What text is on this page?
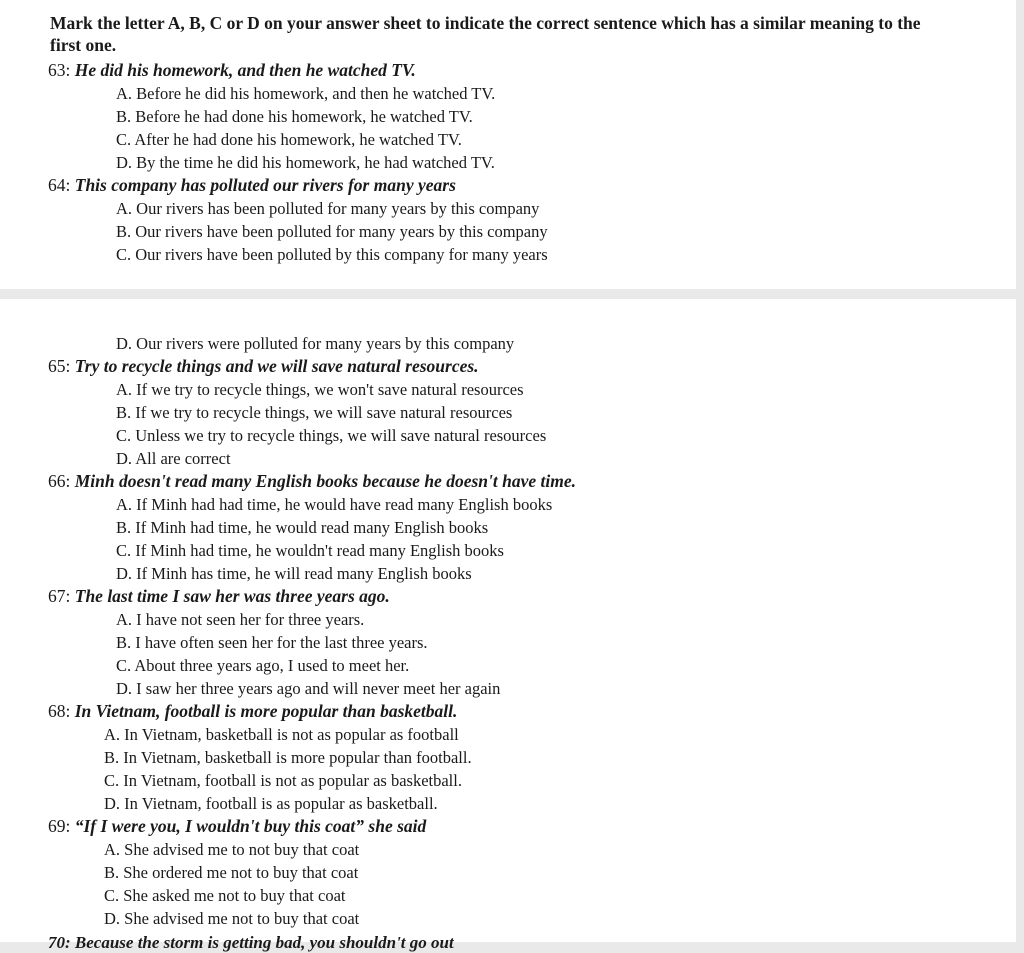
Mark the letter A, B, C or D on your answer sheet to indicate the correct sentence which has a similar meaning to the first one.
63: He did his homework, and then he watched TV.
A. Before he did his homework, and then he watched TV.
B. Before he had done his homework, he watched TV.
C. After he had done his homework, he watched TV.
D. By the time he did his homework, he had watched TV.
64: This company has polluted our rivers for many years
A. Our rivers has been polluted for many years by this company
B. Our rivers have been polluted for many years by this company
C. Our rivers have been polluted by this company for many years
D. Our rivers were polluted for many years by this company
65: Try to recycle things and we will save natural resources.
A. If we try to recycle things, we won't save natural resources
B. If we try to recycle things, we will save natural resources
C. Unless we try to recycle things, we will save natural resources
D. All are correct
66: Minh doesn't read many English books because he doesn't have time.
A. If Minh had had time, he would have read many English books
B. If Minh had time, he would read many English books
C. If Minh had time, he wouldn't read many English books
D. If Minh has time, he will read many English books
67: The last time I saw her was three years ago.
A. I have not seen her for three years.
B. I have often seen her for the last three years.
C. About three years ago, I used to meet her.
D. I saw her three years ago and will never meet her again
68: In Vietnam, football is more popular than basketball.
A. In Vietnam, basketball is not as popular as football
B. In Vietnam, basketball is more popular than football.
C. In Vietnam, football is not as popular as basketball.
D. In Vietnam, football is as popular as basketball.
69: “If I were you, I wouldn't buy this coat” she said
A. She advised me to not buy that coat
B. She ordered me not to buy that coat
C. She asked me not to buy that coat
D. She advised me not to buy that coat
70: Because the storm is getting bad, you shouldn't go out
